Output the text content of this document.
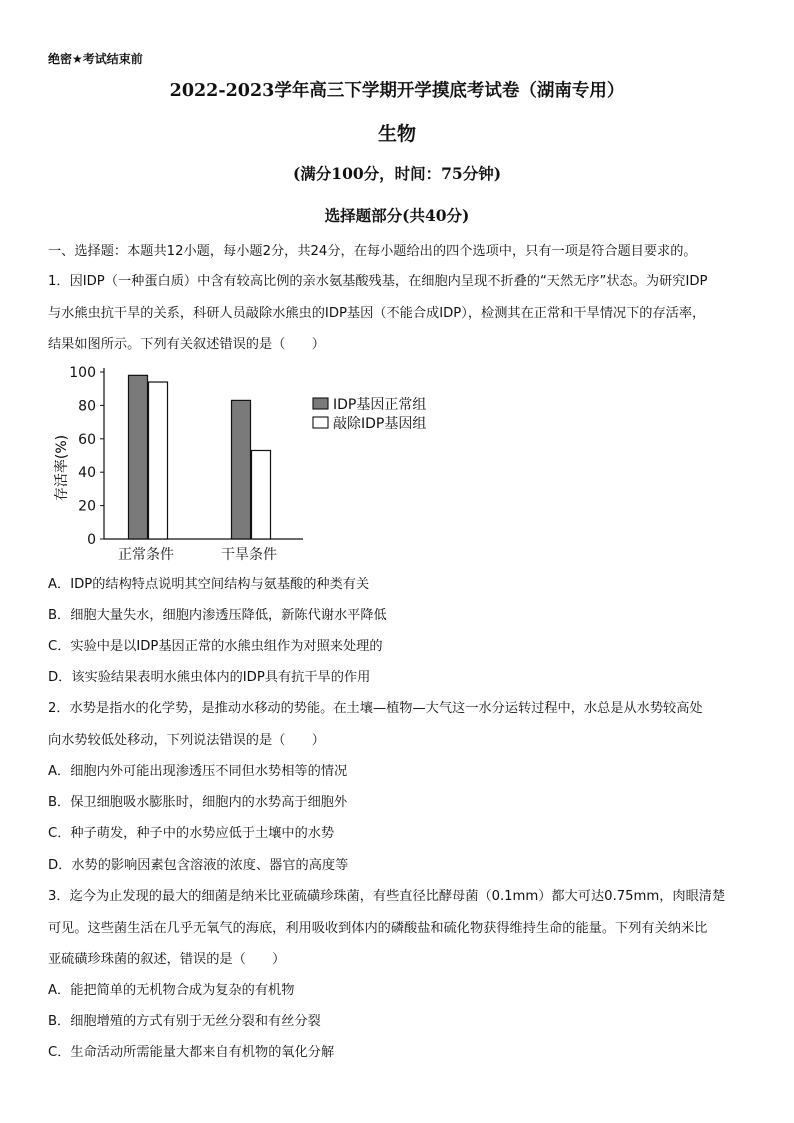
绝密★考试结束前
2022-2023学年高三下学期开学摸底考试卷（湖南专用）
生物
(满分100分，时间：75分钟)
选择题部分(共40分)
一、选择题：本题共12小题，每小题2分，共24分，在每小题给出的四个选项中，只有一项是符合题目要求的。
1．因IDP（一种蛋白质）中含有较高比例的亲水氨基酸残基，在细胞内呈现不折叠的“天然无序”状态。为研究IDP
与水熊虫抗干旱的关系，科研人员敲除水熊虫的IDP基因（不能合成IDP），检测其在正常和干旱情况下的存活率，
结果如图所示。下列有关叙述错误的是（　　）
存活率(%)
0
20
40
60
80
100
正常条件	干旱条件
IDP基因正常组
敲除IDP基因组
A．IDP的结构特点说明其空间结构与氨基酸的种类有关
B．细胞大量失水，细胞内渗透压降低，新陈代谢水平降低
C．实验中是以IDP基因正常的水熊虫组作为对照来处理的
D．该实验结果表明水熊虫体内的IDP具有抗干旱的作用
2．水势是指水的化学势，是推动水移动的势能。在土壤—植物—大气这一水分运转过程中，水总是从水势较高处
向水势较低处移动，下列说法错误的是（　　）
A．细胞内外可能出现渗透压不同但水势相等的情况
B．保卫细胞吸水膨胀时，细胞内的水势高于细胞外
C．种子萌发，种子中的水势应低于土壤中的水势
D．水势的影响因素包含溶液的浓度、器官的高度等
3．迄今为止发现的最大的细菌是纳米比亚硫磺珍珠菌，有些直径比酵母菌（0.1mm）都大可达0.75mm，肉眼清楚
可见。这些菌生活在几乎无氧气的海底，利用吸收到体内的磷酸盐和硫化物获得维持生命的能量。下列有关纳米比
亚硫磺珍珠菌的叙述，错误的是（　　）
A．能把简单的无机物合成为复杂的有机物
B．细胞增殖的方式有别于无丝分裂和有丝分裂
C．生命活动所需能量大都来自有机物的氧化分解
